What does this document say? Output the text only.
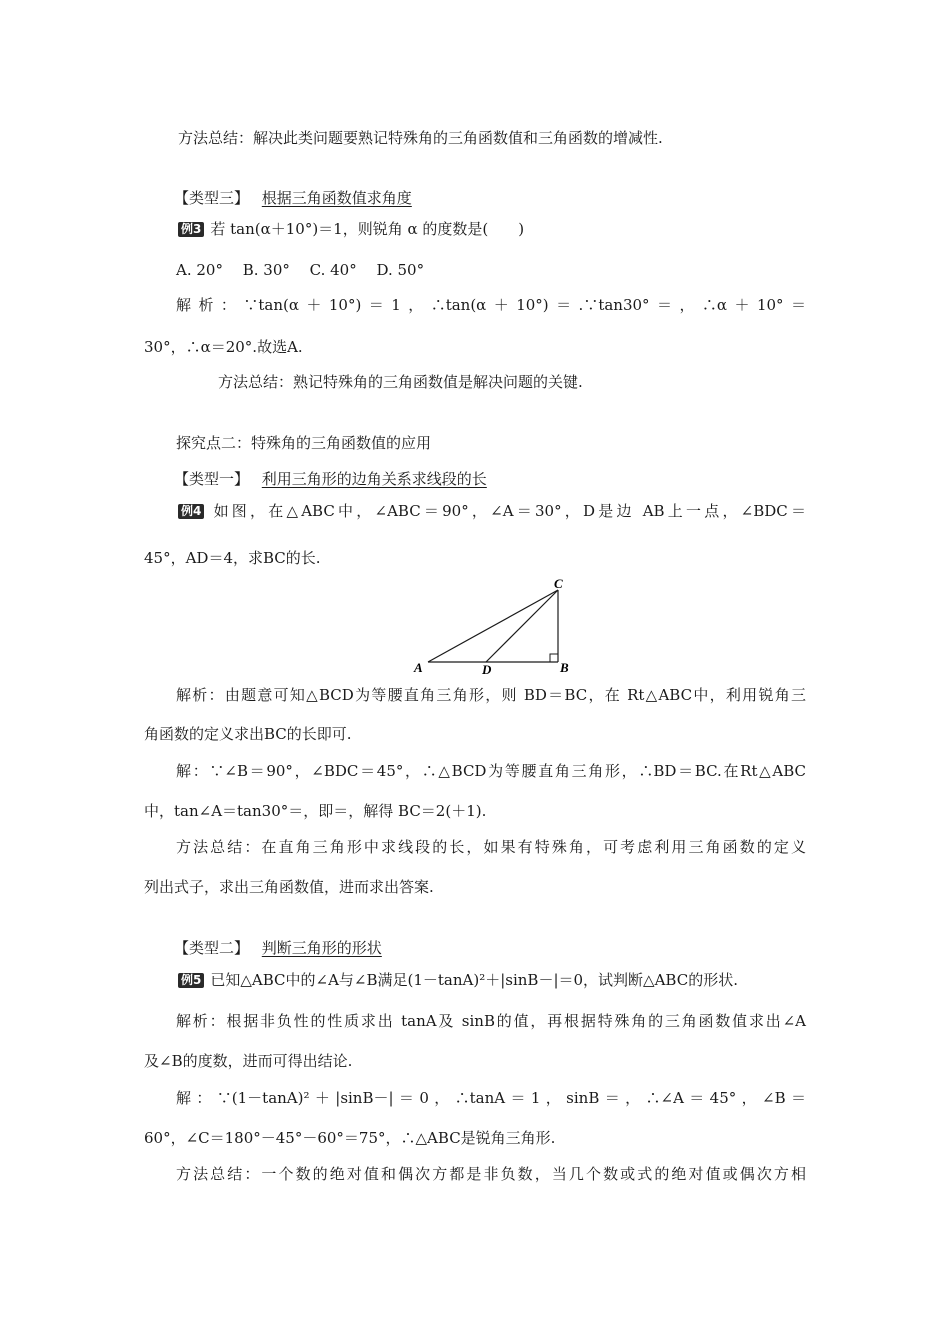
方法总结：解决此类问题要熟记特殊角的三角函数值和三角函数的增减性.
【类型三】 根据三角函数值求角度
例3 若 tan(α＋10°)＝1，则锐角 α 的度数是(　　)
A. 20°　 B. 30°　 C. 40°　 D. 50°
解析：∵tan(α＋10°)＝1，∴tan(α＋10°)＝.∵tan30°＝，∴α＋10°＝
30°，∴α＝20°.故选A.
方法总结：熟记特殊角的三角函数值是解决问题的关键.
探究点二：特殊角的三角函数值的应用
【类型一】 利用三角形的边角关系求线段的长
例4 如图，在△ABC中，∠ABC＝90°，∠A＝30°，D是边 AB上一点，∠BDC＝
45°，AD＝4，求BC的长.
A	B
C
D
解析：由题意可知△BCD为等腰直角三角形，则 BD＝BC，在 Rt△ABC中，利用锐角三
角函数的定义求出BC的长即可.
解：∵∠B＝90°，∠BDC＝45°，∴△BCD为等腰直角三角形，∴BD＝BC.在Rt△ABC
中，tan∠A＝tan30°＝，即＝，解得 BC＝2(＋1).
方法总结：在直角三角形中求线段的长，如果有特殊角，可考虑利用三角函数的定义
列出式子，求出三角函数值，进而求出答案.
【类型二】 判断三角形的形状
例5 已知△ABC中的∠A与∠B满足(1－tanA)²＋|sinB－|＝0，试判断△ABC的形状.
解析：根据非负性的性质求出 tanA及 sinB的值，再根据特殊角的三角函数值求出∠A
及∠B的度数，进而可得出结论.
解：∵(1－tanA)²＋|sinB－|＝0，∴tanA＝1，sinB＝，∴∠A＝45°，∠B＝
60°，∠C＝180°－45°－60°＝75°，∴△ABC是锐角三角形.
方法总结：一个数的绝对值和偶次方都是非负数，当几个数或式的绝对值或偶次方相
